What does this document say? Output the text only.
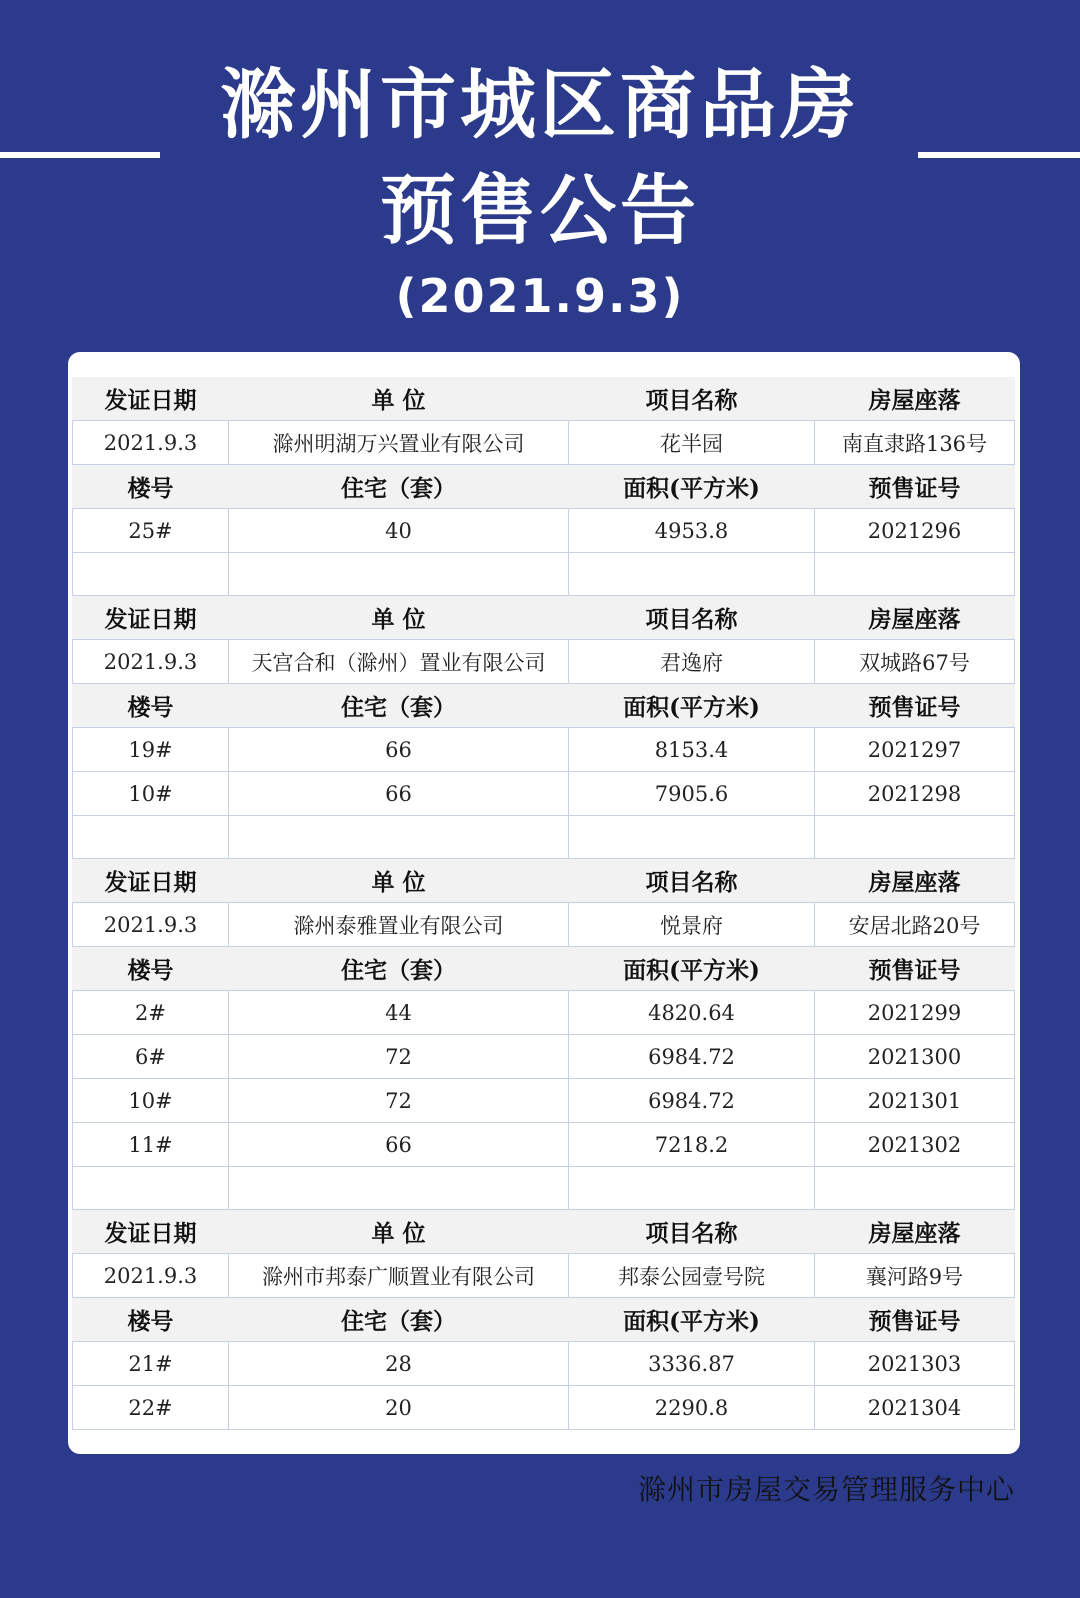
滁州市城区商品房
预售公告
(2021.9.3)
发证日期	单 位	项目名称	房屋座落
2021.9.3	滁州明湖万兴置业有限公司	花半园	南直隶路136号
楼号	住宅（套）	面积(平方米)	预售证号
25#	40	4953.8	2021296

发证日期	单 位	项目名称	房屋座落
2021.9.3	天宫合和（滁州）置业有限公司	君逸府	双城路67号
楼号	住宅（套）	面积(平方米)	预售证号
19#	66	8153.4	2021297
10#	66	7905.6	2021298

发证日期	单 位	项目名称	房屋座落
2021.9.3	滁州泰雅置业有限公司	悦景府	安居北路20号
楼号	住宅（套）	面积(平方米)	预售证号
2#	44	4820.64	2021299
6#	72	6984.72	2021300
10#	72	6984.72	2021301
11#	66	7218.2	2021302

发证日期	单 位	项目名称	房屋座落
2021.9.3	滁州市邦泰广顺置业有限公司	邦泰公园壹号院	襄河路9号
楼号	住宅（套）	面积(平方米)	预售证号
21#	28	3336.87	2021303
22#	20	2290.8	2021304
滁州市房屋交易管理服务中心
